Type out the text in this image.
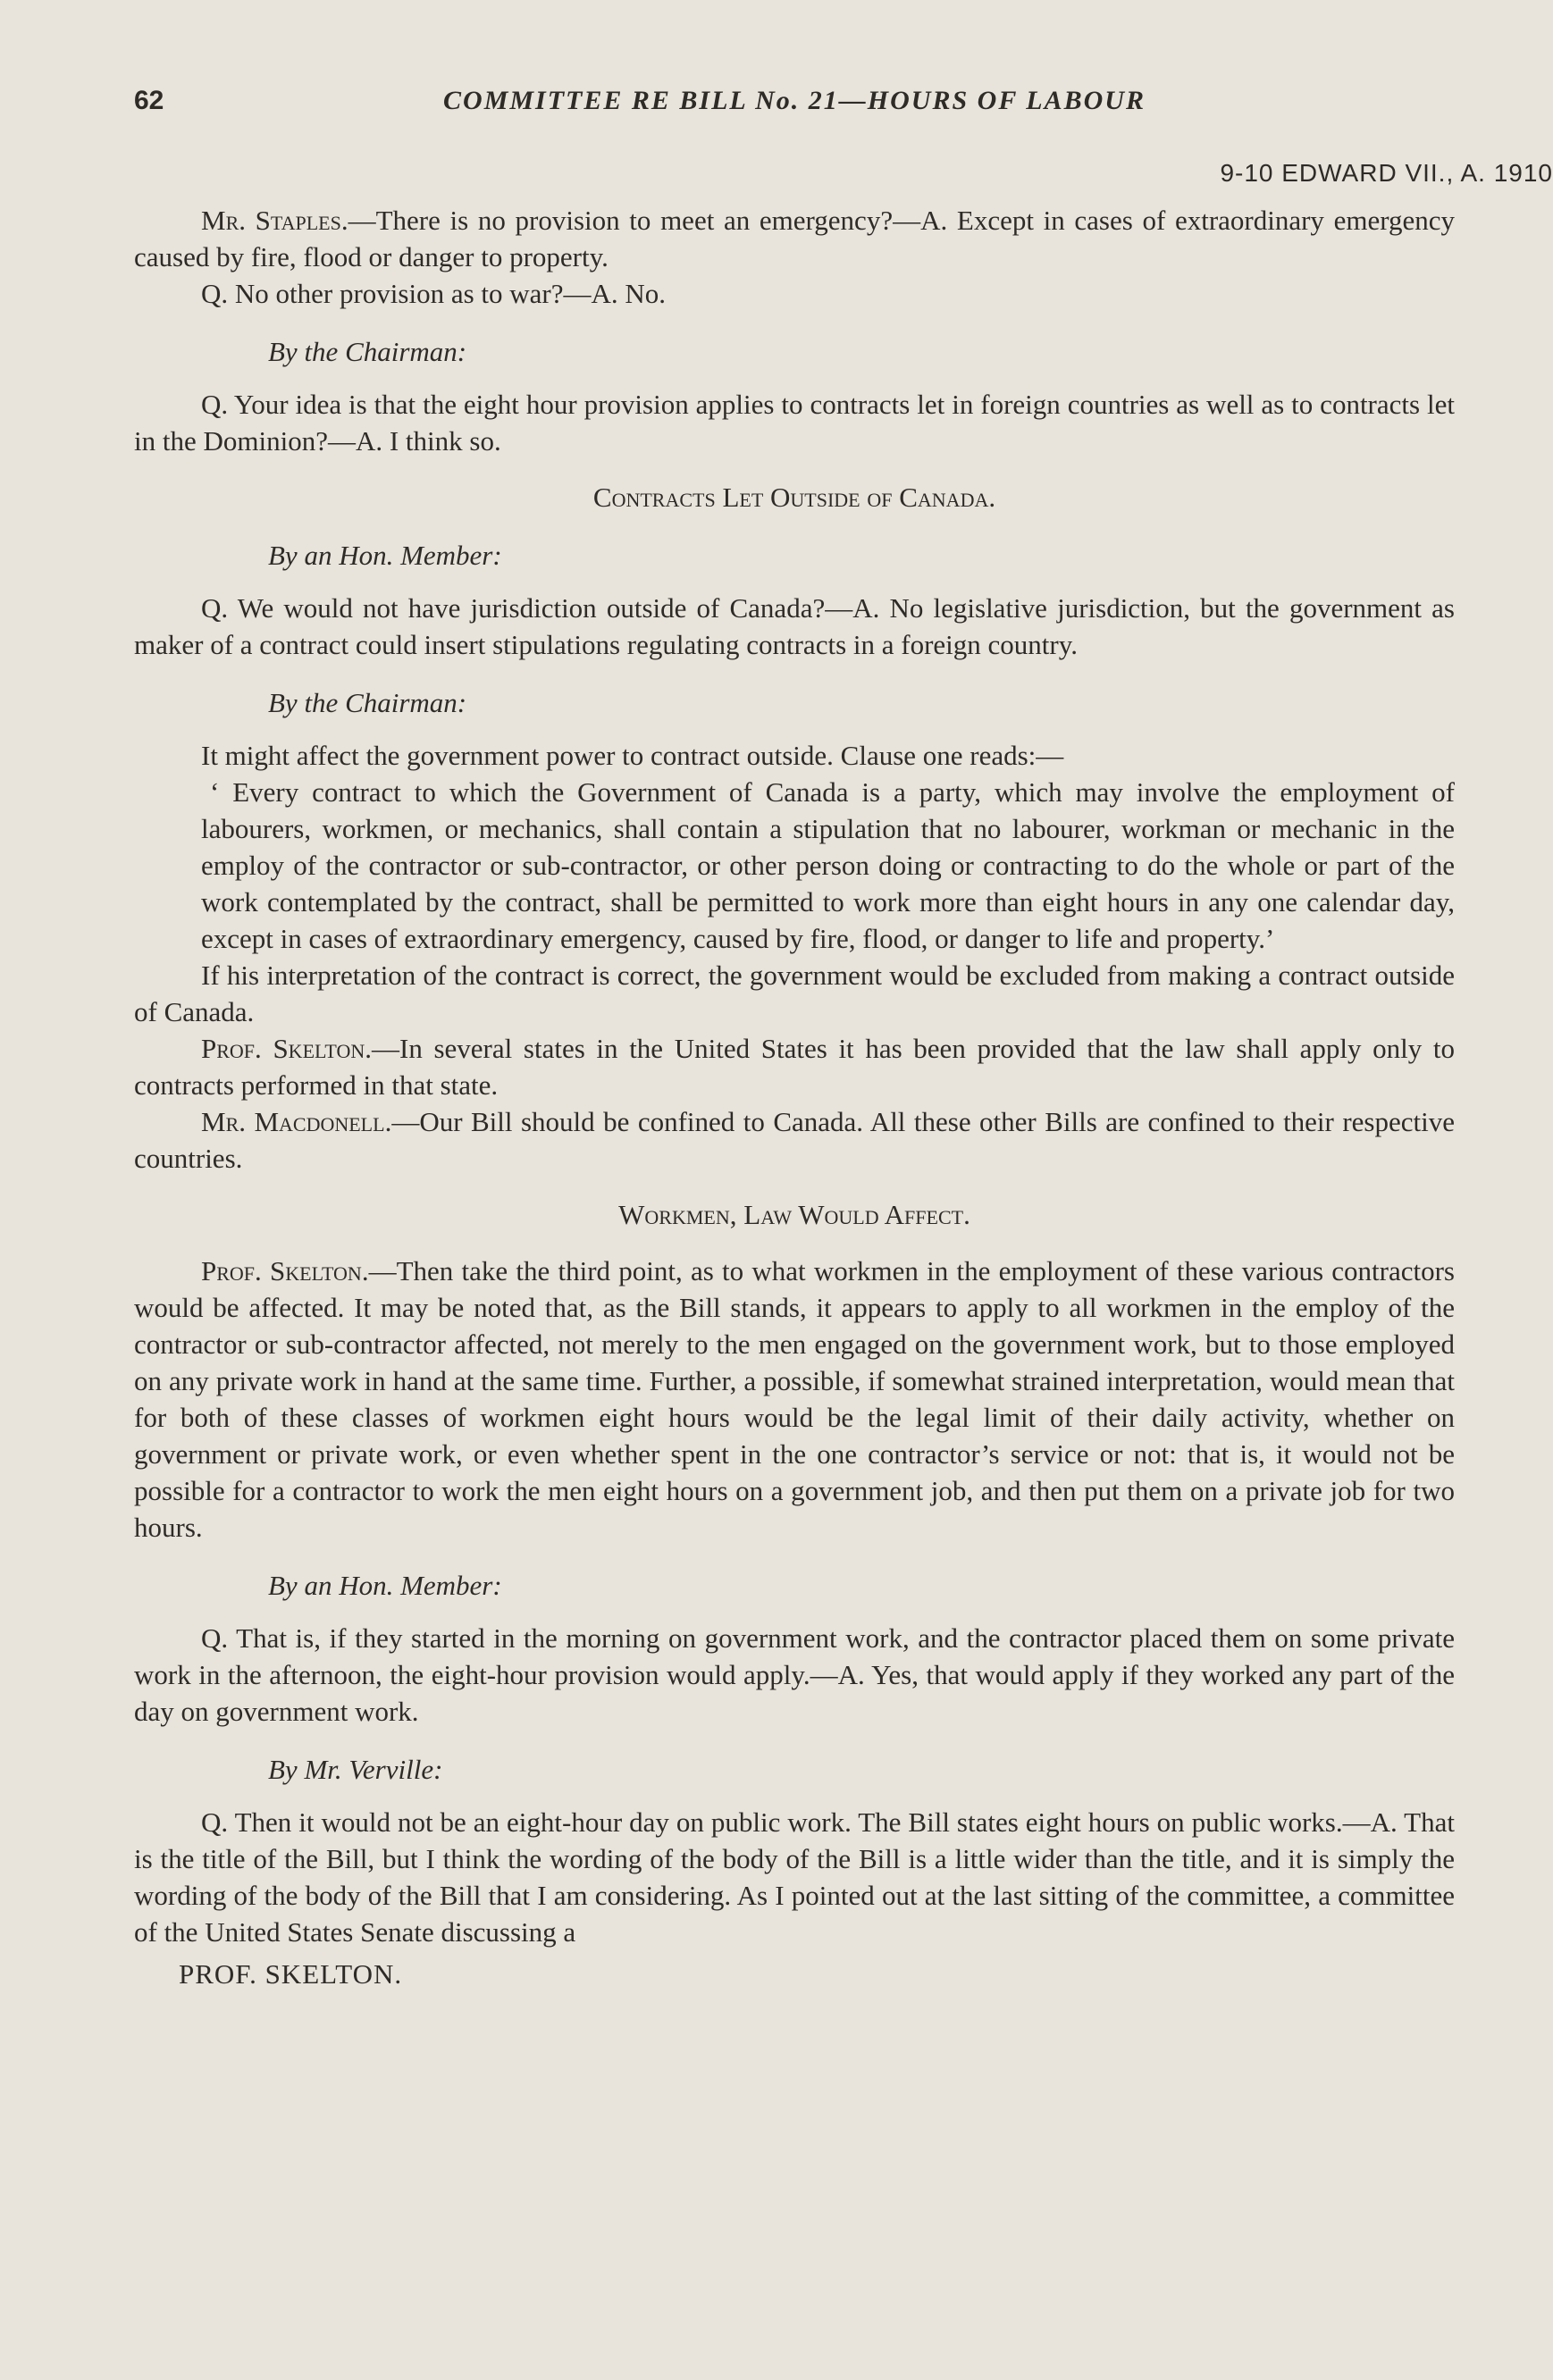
62	COMMITTEE RE BILL No. 21—HOURS OF LABOUR
9-10 EDWARD VII., A. 1910

Mr. Staples.—There is no provision to meet an emergency?—A. Except in cases of extraordinary emergency caused by fire, flood or danger to property.

Q. No other provision as to war?—A. No.

By the Chairman:

Q. Your idea is that the eight hour provision applies to contracts let in foreign countries as well as to contracts let in the Dominion?—A. I think so.

Contracts Let Outside of Canada.
By an Hon. Member:

Q. We would not have jurisdiction outside of Canada?—A. No legislative jurisdiction, but the government as maker of a contract could insert stipulations regulating contracts in a foreign country.

By the Chairman:

It might affect the government power to contract outside. Clause one reads:—

‘ Every contract to which the Government of Canada is a party, which may involve the employment of labourers, workmen, or mechanics, shall contain a stipulation that no labourer, workman or mechanic in the employ of the contractor or sub-contractor, or other person doing or contracting to do the whole or part of the work contemplated by the contract, shall be permitted to work more than eight hours in any one calendar day, except in cases of extraordinary emergency, caused by fire, flood, or danger to life and property.’

If his interpretation of the contract is correct, the government would be excluded from making a contract outside of Canada.

Prof. Skelton.—In several states in the United States it has been provided that the law shall apply only to contracts performed in that state.

Mr. Macdonell.—Our Bill should be confined to Canada. All these other Bills are confined to their respective countries.

Workmen, Law Would Affect.

Prof. Skelton.—Then take the third point, as to what workmen in the employment of these various contractors would be affected. It may be noted that, as the Bill stands, it appears to apply to all workmen in the employ of the contractor or sub-contractor affected, not merely to the men engaged on the government work, but to those employed on any private work in hand at the same time. Further, a possible, if somewhat strained interpretation, would mean that for both of these classes of workmen eight hours would be the legal limit of their daily activity, whether on government or private work, or even whether spent in the one contractor’s service or not: that is, it would not be possible for a contractor to work the men eight hours on a government job, and then put them on a private job for two hours.

By an Hon. Member:

Q. That is, if they started in the morning on government work, and the contractor placed them on some private work in the afternoon, the eight-hour provision would apply.—A. Yes, that would apply if they worked any part of the day on government work.

By Mr. Verville:

Q. Then it would not be an eight-hour day on public work. The Bill states eight hours on public works.—A. That is the title of the Bill, but I think the wording of the body of the Bill is a little wider than the title, and it is simply the wording of the body of the Bill that I am considering. As I pointed out at the last sitting of the committee, a committee of the United States Senate discussing a

PROF. SKELTON.
